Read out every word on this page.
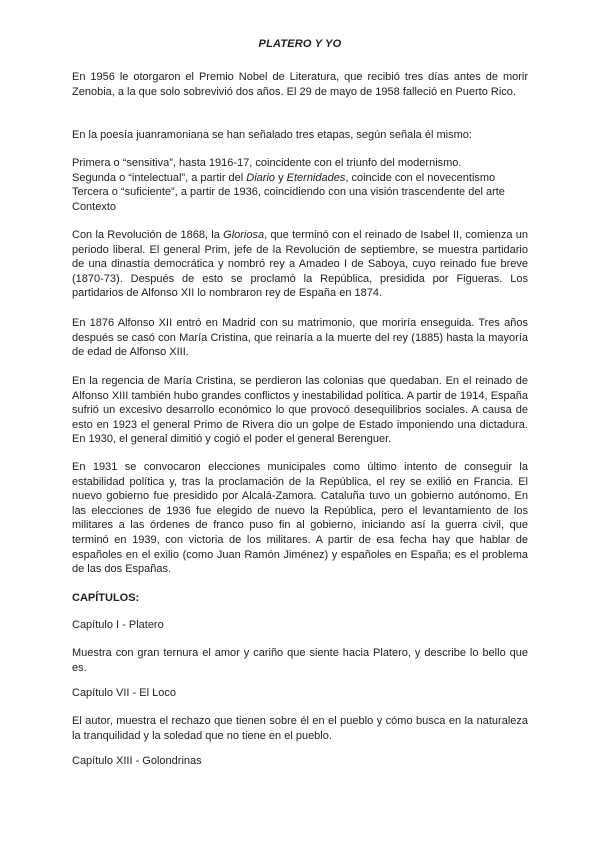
PLATERO Y YO

En 1956 le otorgaron el Premio Nobel de Literatura, que recibió tres días antes de morir Zenobia, a la que solo sobrevivió dos años. El 29 de mayo de 1958 falleció en Puerto Rico.

En la poesía juanramoniana se han señalado tres etapas, según señala él mismo:

Primera o “sensitiva”, hasta 1916-17, coincidente con el triunfo del modernismo.
Segunda o “intelectual”, a partir del Diario y Eternidades, coincide con el novecentismo
Tercera o “suficiente”, a partir de 1936, coincidiendo con una visión trascendente del arte
Contexto

Con la Revolución de 1868, la Gloriosa, que terminó con el reinado de Isabel II, comienza un periodo liberal. El general Prim, jefe de la Revolución de septiembre, se muestra partidario de una dinastía democrática y nombró rey a Amadeo I de Saboya, cuyo reinado fue breve (1870-73). Después de esto se proclamó la República, presidida por Figueras. Los partidarios de Alfonso XII lo nombraron rey de España en 1874.

En 1876 Alfonso XII entró en Madrid con su matrimonio, que moriría enseguida. Tres años después se casó con María Cristina, que reinaría a la muerte del rey (1885) hasta la mayoría de edad de Alfonso XIII.

En la regencia de María Cristina, se perdieron las colonias que quedaban. En el reinado de Alfonso XIII también hubo grandes conflictos y inestabilidad política. A partir de 1914, España sufrió un excesivo desarrollo económico lo que provocó desequilibrios sociales. A causa de esto en 1923 el general Primo de Rivera dio un golpe de Estado imponiendo una dictadura. En 1930, el general dimitió y cogió el poder el general Berenguer.

En 1931 se convocaron elecciones municipales como último intento de conseguir la estabilidad política y, tras la proclamación de la República, el rey se exilió en Francia. El nuevo gobierno fue presidido por Alcalá-Zamora. Cataluña tuvo un gobierno autónomo. En las elecciones de 1936 fue elegido de nuevo la República, pero el levantamiento de los militares a las órdenes de franco puso fin al gobierno, iniciando así la guerra civil, que terminó en 1939, con victoria de los militares. A partir de esa fecha hay que hablar de españoles en el exilio (como Juan Ramón Jiménez) y españoles en España; es el problema de las dos Españas.

CAPÍTULOS:

Capítulo I - Platero

Muestra con gran ternura el amor y cariño que siente hacia Platero, y describe lo bello que es.

Capítulo VII - El Loco

El autor, muestra el rechazo que tienen sobre él en el pueblo y cómo busca en la naturaleza la tranquilidad y la soledad que no tiene en el pueblo.

Capítulo XIII - Golondrinas
